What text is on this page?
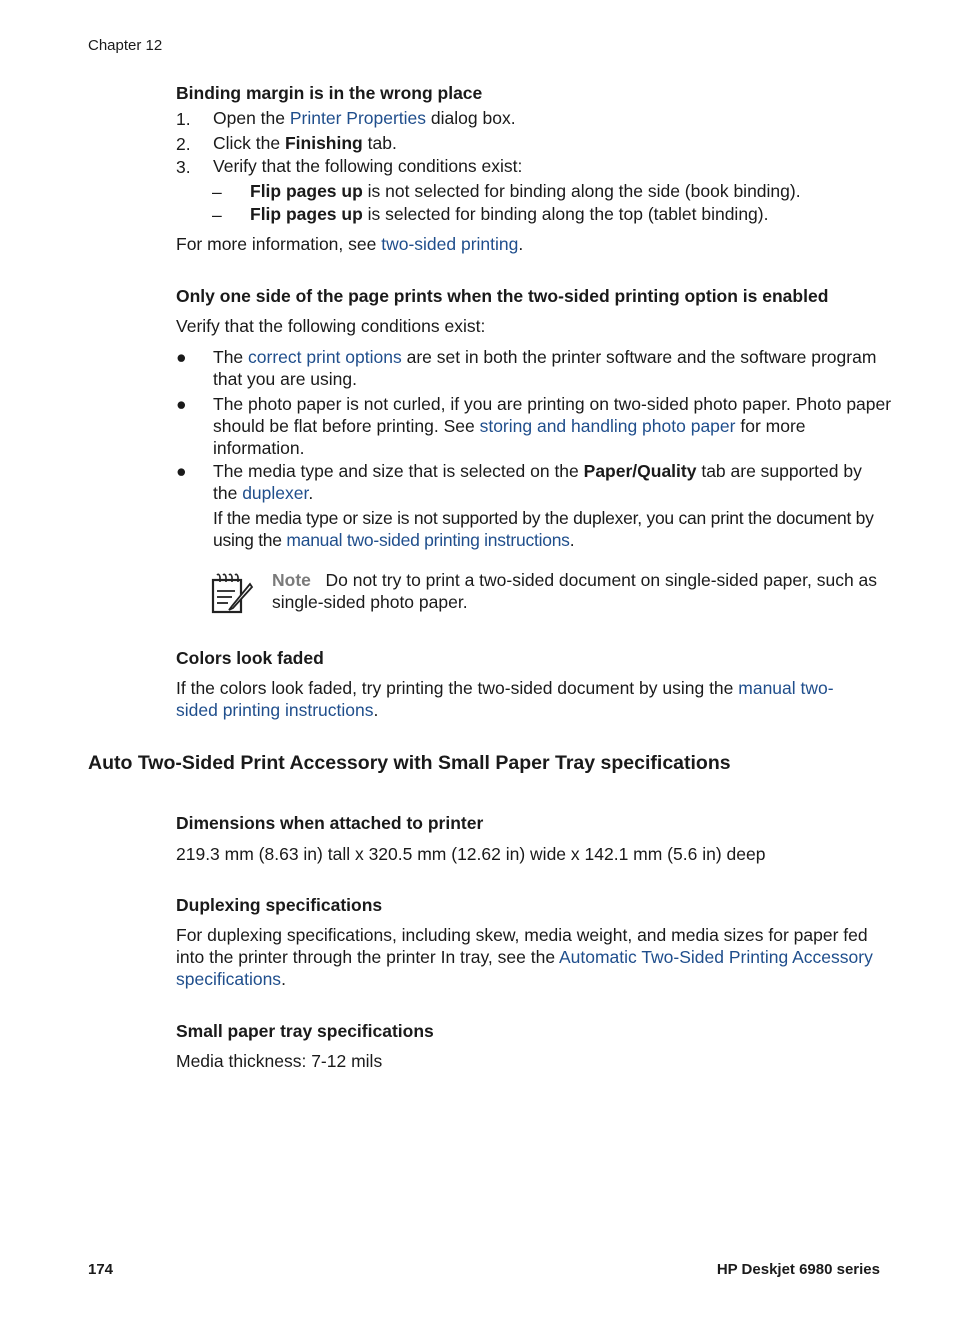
Chapter 12
Binding margin is in the wrong place
1. Open the Printer Properties dialog box.
2. Click the Finishing tab.
3. Verify that the following conditions exist:
– Flip pages up is not selected for binding along the side (book binding).
– Flip pages up is selected for binding along the top (tablet binding).
For more information, see two-sided printing.
Only one side of the page prints when the two-sided printing option is enabled
Verify that the following conditions exist:
● The correct print options are set in both the printer software and the software program that you are using.
● The photo paper is not curled, if you are printing on two-sided photo paper. Photo paper should be flat before printing. See storing and handling photo paper for more information.
● The media type and size that is selected on the Paper/Quality tab are supported by the duplexer.
If the media type or size is not supported by the duplexer, you can print the document by using the manual two-sided printing instructions.
Note Do not try to print a two-sided document on single-sided paper, such as single-sided photo paper.
Colors look faded
If the colors look faded, try printing the two-sided document by using the manual two-
sided printing instructions.
Auto Two-Sided Print Accessory with Small Paper Tray specifications
Dimensions when attached to printer
219.3 mm (8.63 in) tall x 320.5 mm (12.62 in) wide x 142.1 mm (5.6 in) deep
Duplexing specifications
For duplexing specifications, including skew, media weight, and media sizes for paper fed into the printer through the printer In tray, see the Automatic Two-Sided Printing Accessory specifications.
Small paper tray specifications
Media thickness: 7-12 mils
174	HP Deskjet 6980 series
